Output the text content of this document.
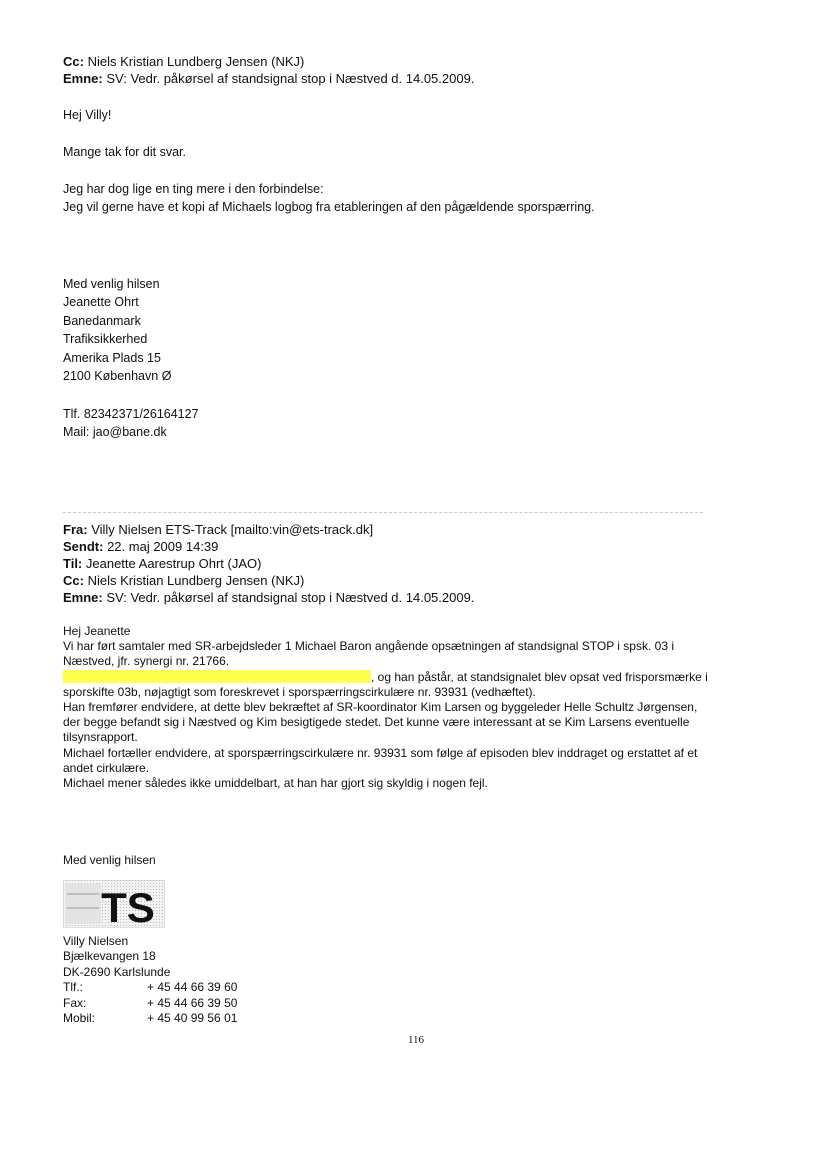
Cc: Niels Kristian Lundberg Jensen (NKJ)
Emne: SV: Vedr. påkørsel af standsignal stop i Næstved d. 14.05.2009.
Hej Villy!
Mange tak for dit svar.
Jeg har dog lige en ting mere i den forbindelse:
Jeg vil gerne have et kopi af Michaels logbog fra etableringen af den pågældende sporspærring.
Med venlig hilsen
Jeanette Ohrt
Banedanmark
Trafiksikkerhed
Amerika Plads 15
2100 København Ø
Tlf. 82342371/26164127
Mail: jao@bane.dk
Fra: Villy Nielsen ETS-Track [mailto:vin@ets-track.dk]
Sendt: 22. maj 2009 14:39
Til: Jeanette Aarestrup Ohrt (JAO)
Cc: Niels Kristian Lundberg Jensen (NKJ)
Emne: SV: Vedr. påkørsel af standsignal stop i Næstved d. 14.05.2009.
Hej Jeanette
Vi har ført samtaler med SR-arbejdsleder 1 Michael Baron angående opsætningen af standsignal STOP i spsk. 03 i
Næstved, jfr. synergi nr. 21766.
, og han påstår, at standsignalet blev opsat ved frisporsmærke i
sporskifte 03b, nøjagtigt som foreskrevet i sporspærringscirkulære nr. 93931 (vedhæftet).
Han fremfører endvidere, at dette blev bekræftet af SR-koordinator Kim Larsen og byggeleder Helle Schultz Jørgensen,
der begge befandt sig i Næstved og Kim besigtigede stedet. Det kunne være interessant at se Kim Larsens eventuelle
tilsynsrapport.
Michael fortæller endvidere, at sporspærringscirkulære nr. 93931 som følge af episoden blev inddraget og erstattet af et
andet cirkulære.
Michael mener således ikke umiddelbart, at han har gjort sig skyldig i nogen fejl.
Med venlig hilsen
TS
Villy Nielsen
Bjælkevangen 18
DK-2690 Karlslunde
Tlf.:	+ 45 44 66 39 60
Fax:	+ 45 44 66 39 50
Mobil:	+ 45 40 99 56 01
116
